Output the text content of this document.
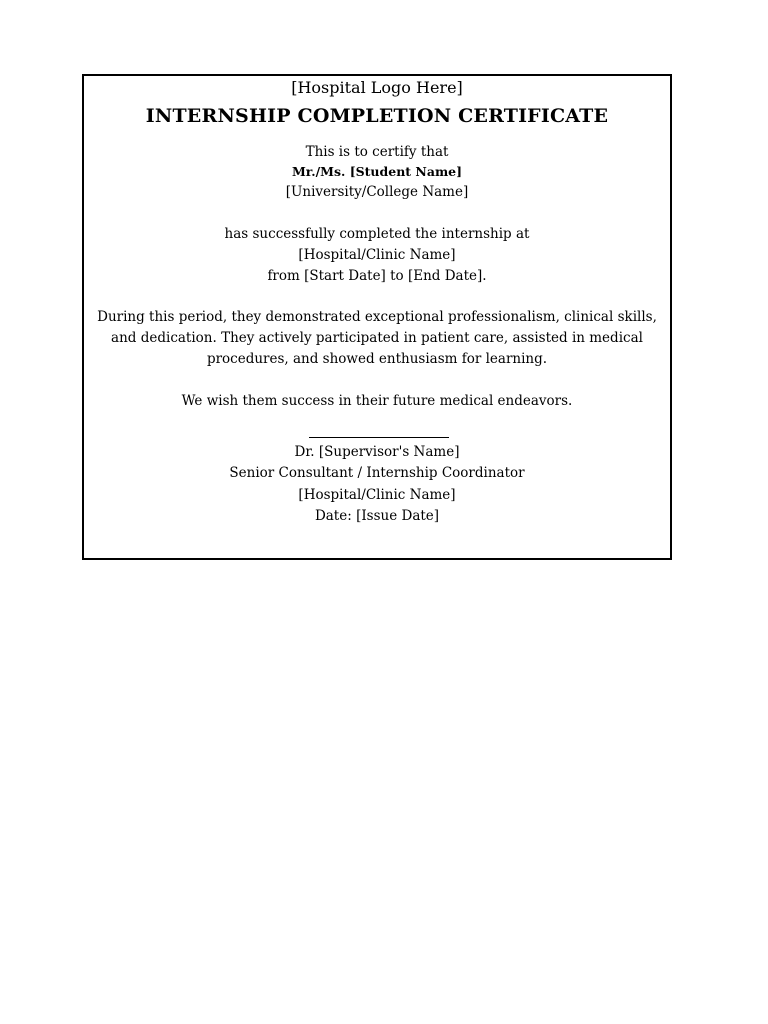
[Hospital Logo Here]
INTERNSHIP COMPLETION CERTIFICATE
This is to certify that
Mr./Ms. [Student Name]
[University/College Name]
has successfully completed the internship at
[Hospital/Clinic Name]
from [Start Date] to [End Date].
During this period, they demonstrated exceptional professionalism, clinical skills, and dedication. They actively participated in patient care, assisted in medical procedures, and showed enthusiasm for learning.
We wish them success in their future medical endeavors.
Dr. [Supervisor's Name]
Senior Consultant / Internship Coordinator
[Hospital/Clinic Name]
Date: [Issue Date]
